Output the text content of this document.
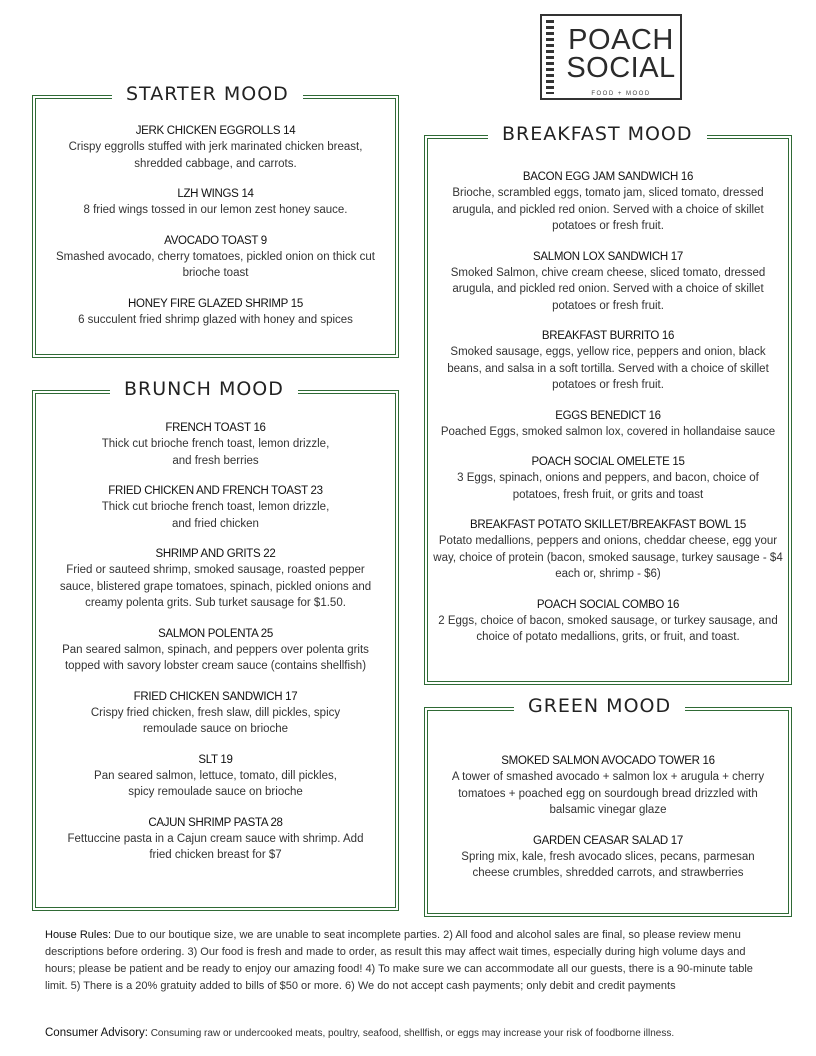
POACH
SOCIAL
FOOD + MOOD
STARTER MOOD
JERK CHICKEN EGGROLLS 14
Crispy eggrolls stuffed with jerk marinated chicken breast, shredded cabbage, and carrots.
LZH WINGS 14
8 fried wings tossed in our lemon zest honey sauce.
AVOCADO TOAST 9
Smashed avocado, cherry tomatoes, pickled onion on thick cut brioche toast
HONEY FIRE GLAZED SHRIMP 15
6 succulent fried shrimp glazed with honey and spices
BRUNCH MOOD
FRENCH TOAST 16
Thick cut brioche french toast, lemon drizzle, and fresh berries
FRIED CHICKEN AND FRENCH TOAST 23
Thick cut brioche french toast, lemon drizzle, and fried chicken
SHRIMP AND GRITS 22
Fried or sauteed shrimp, smoked sausage, roasted pepper sauce, blistered grape tomatoes, spinach, pickled onions and creamy polenta grits. Sub turket sausage for $1.50.
SALMON POLENTA 25
Pan seared salmon, spinach, and peppers over polenta grits topped with savory lobster cream sauce (contains shellfish)
FRIED CHICKEN SANDWICH 17
Crispy fried chicken, fresh slaw, dill pickles, spicy remoulade sauce on brioche
SLT 19
Pan seared salmon, lettuce, tomato, dill pickles, spicy remoulade sauce on brioche
CAJUN SHRIMP PASTA 28
Fettuccine pasta in a Cajun cream sauce with shrimp. Add fried chicken breast for $7
BREAKFAST MOOD
BACON EGG JAM SANDWICH 16
Brioche, scrambled eggs, tomato jam, sliced tomato, dressed arugula, and pickled red onion. Served with a choice of skillet potatoes or fresh fruit.
SALMON LOX SANDWICH 17
Smoked Salmon, chive cream cheese, sliced tomato, dressed arugula, and pickled red onion. Served with a choice of skillet potatoes or fresh fruit.
BREAKFAST BURRITO 16
Smoked sausage, eggs, yellow rice, peppers and onion, black beans, and salsa in a soft tortilla. Served with a choice of skillet potatoes or fresh fruit.
EGGS BENEDICT 16
Poached Eggs, smoked salmon lox, covered in hollandaise sauce
POACH SOCIAL OMELETE 15
3 Eggs, spinach, onions and peppers, and bacon, choice of potatoes, fresh fruit, or grits and toast
BREAKFAST POTATO SKILLET/BREAKFAST BOWL 15
Potato medallions, peppers and onions, cheddar cheese, egg your way, choice of protein (bacon, smoked sausage, turkey sausage - $4 each or, shrimp - $6)
POACH SOCIAL COMBO 16
2 Eggs, choice of bacon, smoked sausage, or turkey sausage, and choice of potato medallions, grits, or fruit, and toast.
GREEN MOOD
SMOKED SALMON AVOCADO TOWER 16
A tower of smashed avocado + salmon lox + arugula + cherry tomatoes + poached egg on sourdough bread drizzled with balsamic vinegar glaze
GARDEN CEASAR SALAD 17
Spring mix, kale, fresh avocado slices, pecans, parmesan cheese crumbles, shredded carrots, and strawberries
House Rules: Due to our boutique size, we are unable to seat incomplete parties. 2) All food and alcohol sales are final, so please review menu descriptions before ordering. 3) Our food is fresh and made to order, as result this may affect wait times, especially during high volume days and hours; please be patient and be ready to enjoy our amazing food! 4) To make sure we can accommodate all our guests, there is a 90-minute table limit. 5) There is a 20% gratuity added to bills of $50 or more. 6) We do not accept cash payments; only debit and credit payments
Consumer Advisory: Consuming raw or undercooked meats, poultry, seafood, shellfish, or eggs may increase your risk of foodborne illness.
